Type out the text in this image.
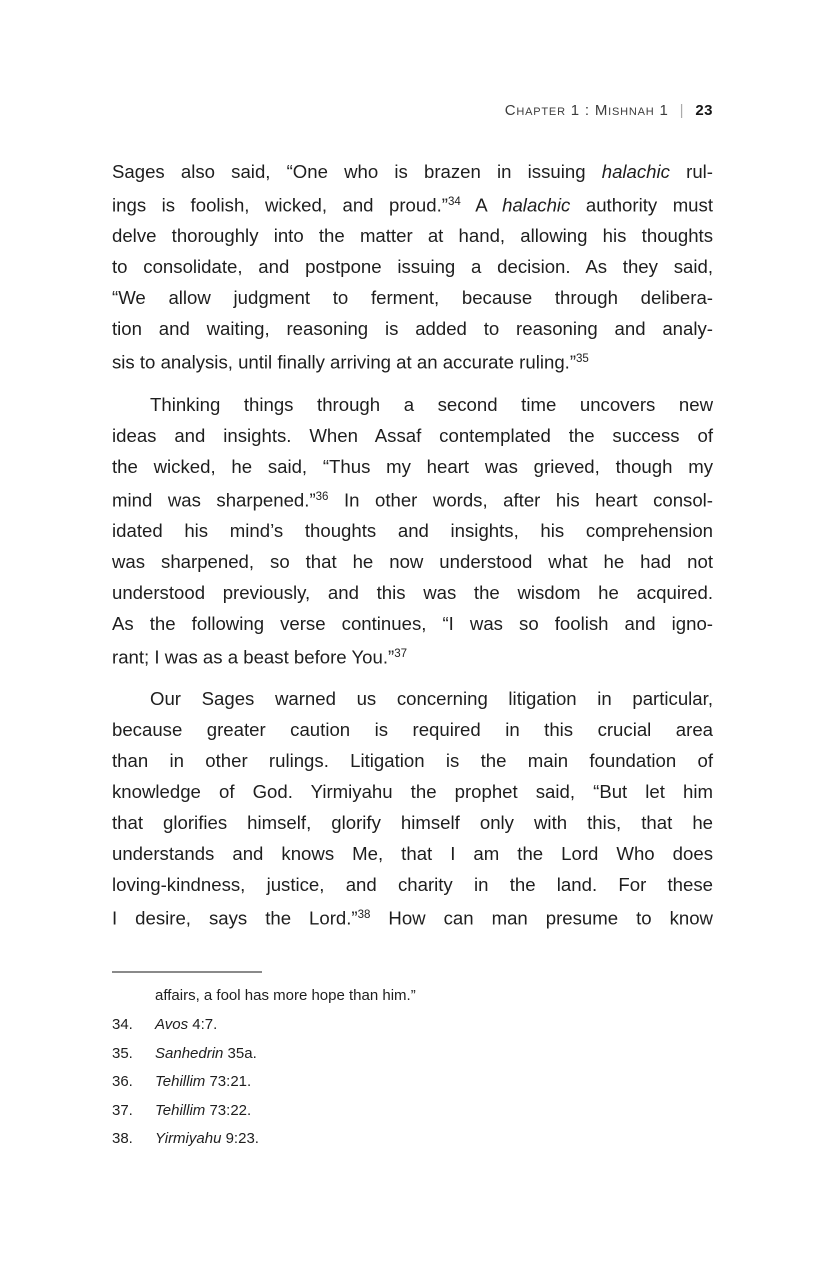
Chapter 1 : Mishnah 1 | 23
Sages also said, “One who is brazen in issuing halachic rul-
ings is foolish, wicked, and proud.”$^{34}$ A halachic authority must
delve thoroughly into the matter at hand, allowing his thoughts
to consolidate, and postpone issuing a decision. As they said,
“We allow judgment to ferment, because through delibera-
tion and waiting, reasoning is added to reasoning and analy-
sis to analysis, until finally arriving at an accurate ruling.”$^{35}$
Thinking things through a second time uncovers new
ideas and insights. When Assaf contemplated the success of
the wicked, he said, “Thus my heart was grieved, though my
mind was sharpened.”$^{36}$ In other words, after his heart consol-
idated his mind’s thoughts and insights, his comprehension
was sharpened, so that he now understood what he had not
understood previously, and this was the wisdom he acquired.
As the following verse continues, “I was so foolish and igno-
rant; I was as a beast before You.”$^{37}$
Our Sages warned us concerning litigation in particular,
because greater caution is required in this crucial area
than in other rulings. Litigation is the main foundation of
knowledge of God. Yirmiyahu the prophet said, “But let him
that glorifies himself, glorify himself only with this, that he
understands and knows Me, that I am the Lord Who does
loving-kindness, justice, and charity in the land. For these
I desire, says the Lord.”$^{38}$ How can man presume to know
affairs, a fool has more hope than him.”
34.	Avos 4:7.
35.	Sanhedrin 35a.
36.	Tehillim 73:21.
37.	Tehillim 73:22.
38.	Yirmiyahu 9:23.
